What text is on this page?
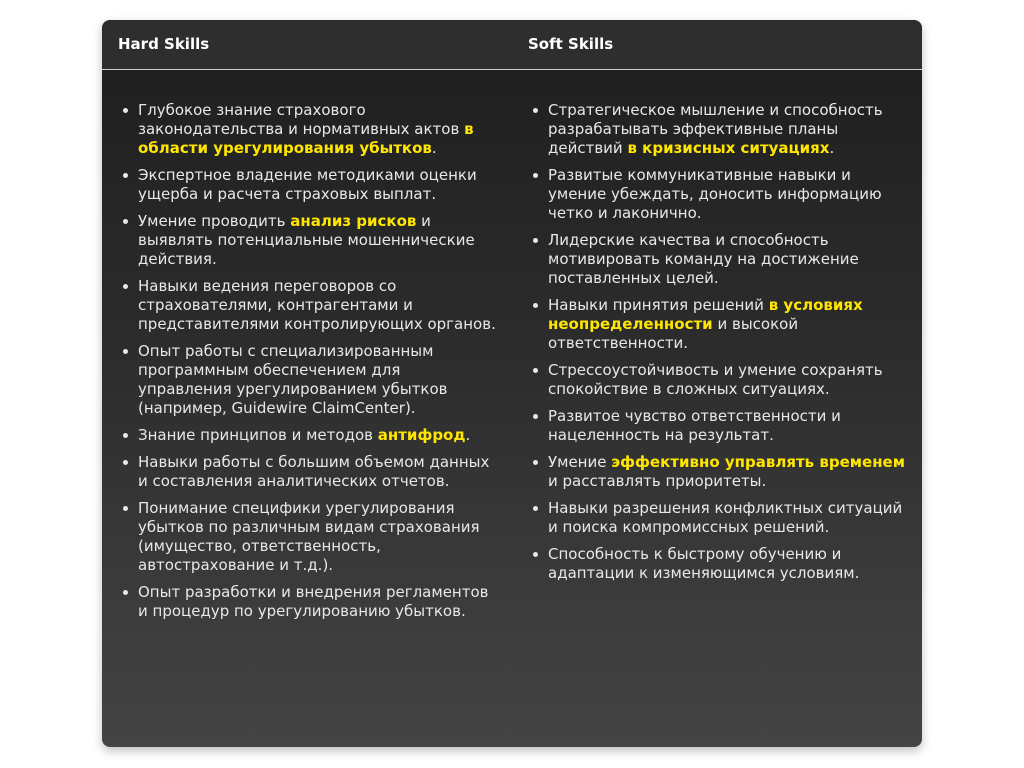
Hard Skills	Soft Skills
Глубокое знание страхового законодательства и нормативных актов в области урегулирования убытков.
Экспертное владение методиками оценки ущерба и расчета страховых выплат.
Умение проводить анализ рисков и выявлять потенциальные мошеннические действия.
Навыки ведения переговоров со страхователями, контрагентами и представителями контролирующих органов.
Опыт работы с специализированным программным обеспечением для управления урегулированием убытков (например, Guidewire ClaimCenter).
Знание принципов и методов антифрод.
Навыки работы с большим объемом данных и составления аналитических отчетов.
Понимание специфики урегулирования убытков по различным видам страхования (имущество, ответственность, автострахование и т.д.).
Опыт разработки и внедрения регламентов и процедур по урегулированию убытков.
Стратегическое мышление и способность разрабатывать эффективные планы действий в кризисных ситуациях.
Развитые коммуникативные навыки и умение убеждать, доносить информацию четко и лаконично.
Лидерские качества и способность мотивировать команду на достижение поставленных целей.
Навыки принятия решений в условиях неопределенности и высокой ответственности.
Стрессоустойчивость и умение сохранять спокойствие в сложных ситуациях.
Развитое чувство ответственности и нацеленность на результат.
Умение эффективно управлять временем и расставлять приоритеты.
Навыки разрешения конфликтных ситуаций и поиска компромиссных решений.
Способность к быстрому обучению и адаптации к изменяющимся условиям.
